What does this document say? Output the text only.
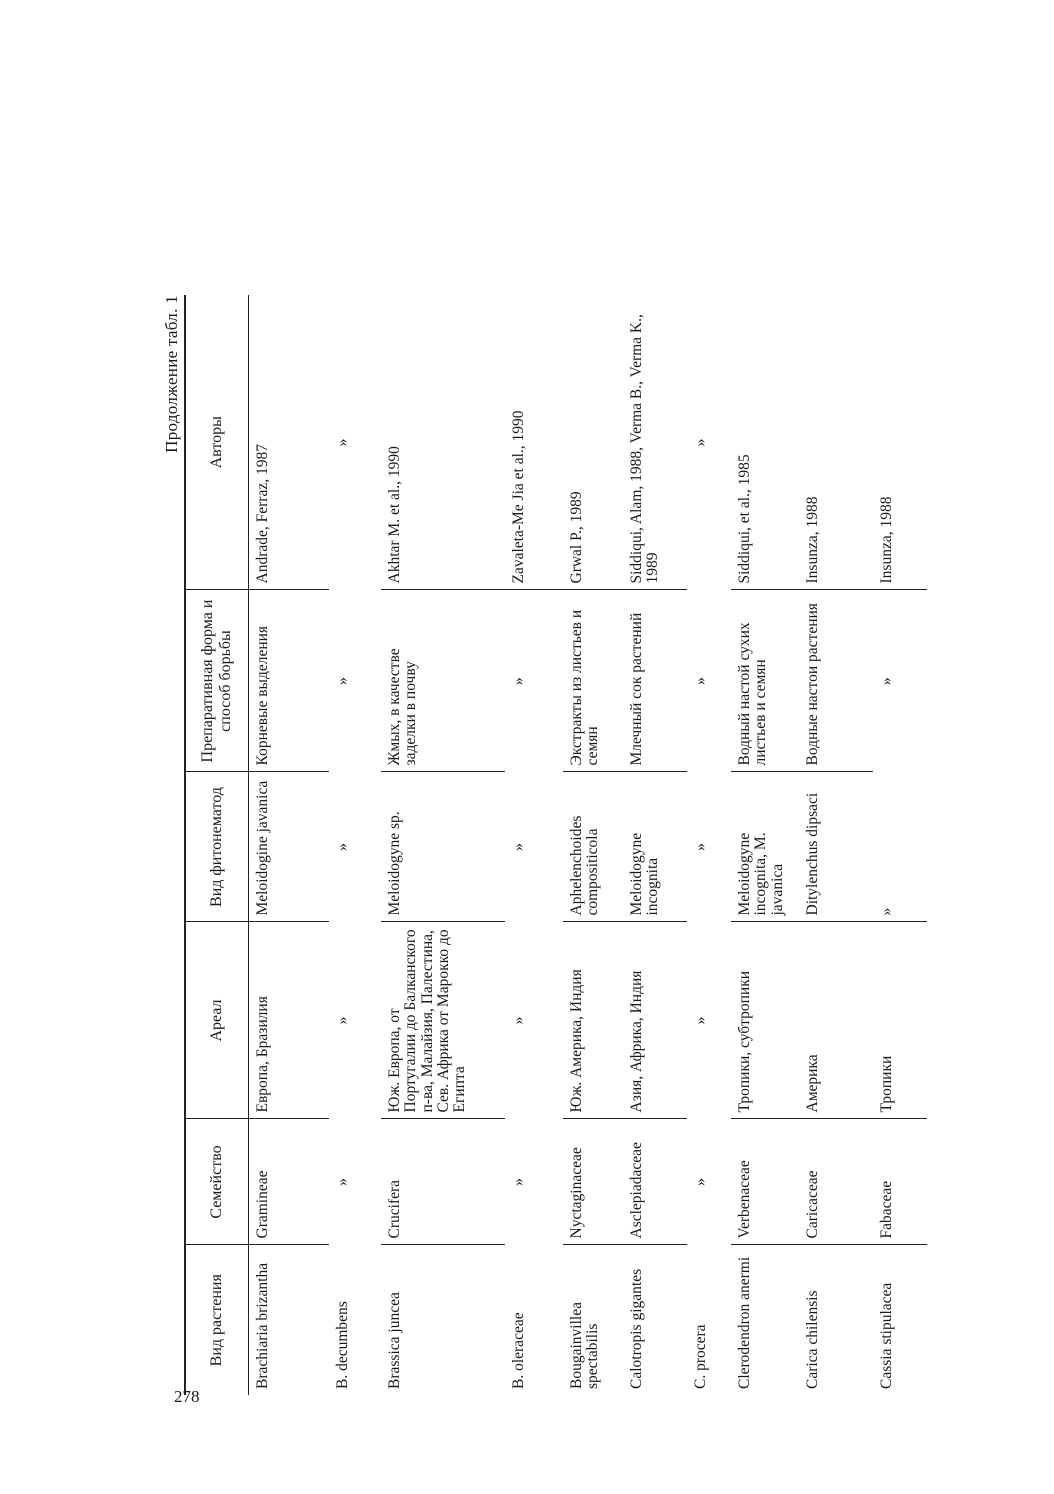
278
Продолжение табл. 1
Вид растения	Семейство	Ареал	Вид фитонематод	Препаративная форма и способ борьбы	Авторы
Brachiaria brizantha	Gramineae	Европа, Бразилия	Meloidogine javanica	Корневые выделения	Andrade, Ferraz, 1987
B. decumbens	»	»	»	»	»
Brassica juncea	Crucifera	Юж. Европа, от Португалии до Балканского п-ва, Малайзия, Палестина, Сев. Африка от Марокко до Египта	Meloidogyne sp.	Жмых, в качестве заделки в почву	Akhtar M. et al., 1990
B. oleraceae	»	»	»	»	Zavaleta-Me Jia et al., 1990
Bougainvillea spectabilis	Nyctaginaceae	Юж. Америка, Индия	Aphelenchoides compositicola	Экстракты из листьев и семян	Grwal P., 1989
Calotropis gigantes	Asclepiadaceae	Азия, Африка, Индия	Meloidogyne incognita	Млечный сок растений	Siddiqui, Alam, 1988, Verma B., Verma K., 1989
C. procera	»	»	»	»	»
Clerodendron anermi	Verbenaceae	Тропики, субтропики	Meloidogyne incognita, M. javanica	Водный настой сухих листьев и семян	Siddiqui, et al., 1985
Carica chilensis	Caricaceae	Америка	Ditylenchus dipsaci	Водные настои растения	Insunza, 1988
Cassia stipulacea	Fabaceae	Тропики	»	»	Insunza, 1988
